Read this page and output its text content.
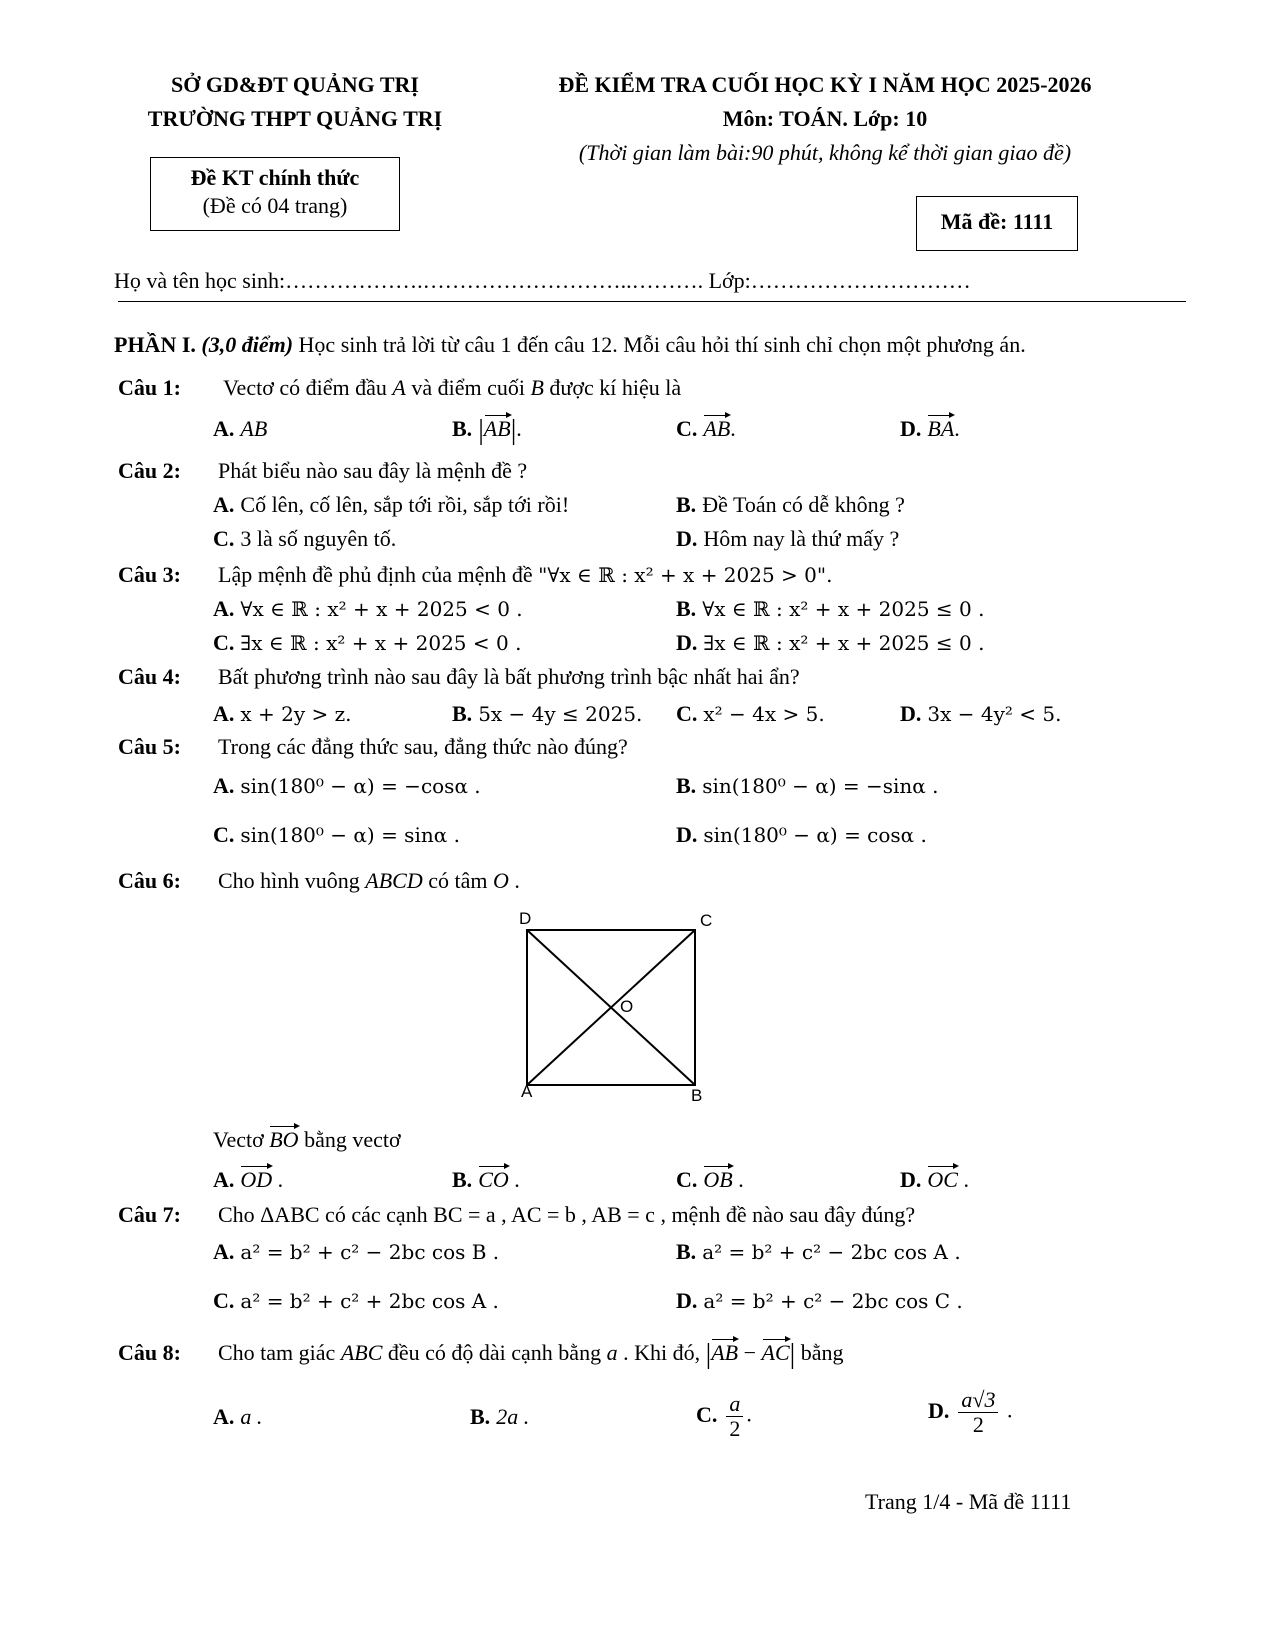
SỞ GD&ĐT QUẢNG TRỊ
TRƯỜNG THPT QUẢNG TRỊ
ĐỀ KIỂM TRA CUỐI HỌC KỲ I NĂM HỌC 2025-2026
Môn: TOÁN. Lớp: 10
(Thời gian làm bài:90 phút, không kể thời gian giao đề)
Đề KT chính thức
(Đề có 04 trang)
Mã đề: 1111
Họ và tên học sinh:……………….………………………..………. Lớp:…………………………
PHẦN I. (3,0 điểm) Học sinh trả lời từ câu 1 đến câu 12. Mỗi câu hỏi thí sinh chỉ chọn một phương án.
Câu 1: Vectơ có điểm đầu A và điểm cuối B được kí hiệu là
A. AB	B. |AB|.	C. AB.	D. BA.
Câu 2: Phát biểu nào sau đây là mệnh đề ?
A. Cố lên, cố lên, sắp tới rồi, sắp tới rồi!	B. Đề Toán có dễ không ?
C. 3 là số nguyên tố.	D. Hôm nay là thứ mấy ?
Câu 3: Lập mệnh đề phủ định của mệnh đề "∀x ∈ ℝ : x² + x + 2025 > 0".
A. ∀x ∈ ℝ : x² + x + 2025 < 0 .	B. ∀x ∈ ℝ : x² + x + 2025 ≤ 0 .
C. ∃x ∈ ℝ : x² + x + 2025 < 0 .	D. ∃x ∈ ℝ : x² + x + 2025 ≤ 0 .
Câu 4: Bất phương trình nào sau đây là bất phương trình bậc nhất hai ẩn?
A. x + 2y > z.	B. 5x − 4y ≤ 2025. C. x² − 4x > 5.	D. 3x − 4y² < 5.
Câu 5: Trong các đẳng thức sau, đẳng thức nào đúng?
A. sin(180⁰ − α) = −cosα .	B. sin(180⁰ − α) = −sinα .
C. sin(180⁰ − α) = sinα .	D. sin(180⁰ − α) = cosα .
Câu 6: Cho hình vuông ABCD có tâm O .
D	C
O
A	B
Vectơ BO bằng vectơ
A. OD .	B. CO .	C. OB .	D. OC .
Câu 7: Cho ΔABC có các cạnh BC = a , AC = b , AB = c , mệnh đề nào sau đây đúng?
A. a² = b² + c² − 2bc cos B .	B. a² = b² + c² − 2bc cos A .
C. a² = b² + c² + 2bc cos A .	D. a² = b² + c² − 2bc cos C .
Câu 8: Cho tam giác ABC đều có độ dài cạnh bằng a . Khi đó, |AB − AC| bằng
A. a .	B. 2a .	C. $\frac{a}{2}$ .	D. $\frac{a√3}{2}$ .
Trang 1/4 - Mã đề 1111
